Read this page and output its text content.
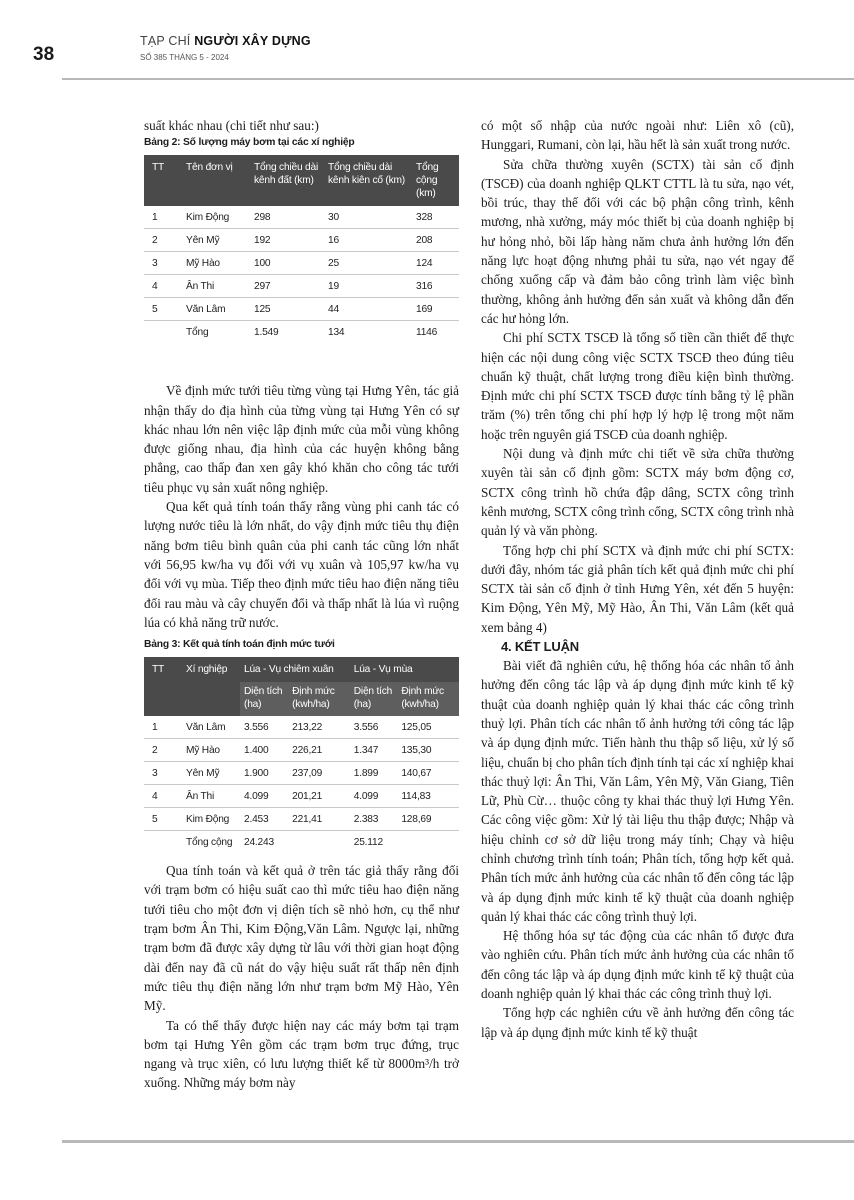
38
TẠP CHÍ NGƯỜI XÂY DỰNG
SỐ 385 THÁNG 5 - 2024

suất khác nhau (chi tiết như sau:)

Bảng 2: Số lượng máy bơm tại các xí nghiệp
TT	Tên đơn vị	Tổng chiều dài kênh đất (km)	Tổng chiều dài kênh kiên cố (km)	Tổng cộng (km)
1	Kim Động	298	30	328
2	Yên Mỹ	192	16	208
3	Mỹ Hào	100	25	124
4	Ân Thi	297	19	316
5	Văn Lâm	125	44	169
	Tổng	1.549	134	1146

Về định mức tưới tiêu từng vùng tại Hưng Yên, tác giả nhận thấy do địa hình của từng vùng tại Hưng Yên có sự khác nhau lớn nên việc lập định mức của mỗi vùng không được giống nhau, địa hình của các huyện không bằng phẳng, cao thấp đan xen gây khó khăn cho công tác tưới tiêu phục vụ sản xuất nông nghiệp.

Qua kết quả tính toán thấy rằng vùng phi canh tác có lượng nước tiêu là lớn nhất, do vậy định mức tiêu thụ điện năng bơm tiêu bình quân của phi canh tác cũng lớn nhất với 56,95 kw/ha vụ đối với vụ xuân và 105,97 kw/ha vụ đối với vụ mùa. Tiếp theo định mức tiêu hao điện năng tiêu đối rau màu và cây chuyển đổi và thấp nhất là lúa vì ruộng lúa có khả năng trữ nước.

Bảng 3: Kết quả tính toán định mức tưới
TT	Xí nghiệp	Lúa - Vụ chiêm xuân		Lúa - Vụ mùa	
		Diện tích (ha)	Định mức (kwh/ha)	Diện tích (ha)	Định mức (kwh/ha)
1	Văn Lâm	3.556	213,22	3.556	125,05
2	Mỹ Hào	1.400	226,21	1.347	135,30
3	Yên Mỹ	1.900	237,09	1.899	140,67
4	Ân Thi	4.099	201,21	4.099	114,83
5	Kim Động	2.453	221,41	2.383	128,69
	Tổng cộng	24.243		25.112	

Qua tính toán và kết quả ở trên tác giả thấy rằng đối với trạm bơm có hiệu suất cao thì mức tiêu hao điện năng tưới tiêu cho một đơn vị diện tích sẽ nhỏ hơn, cụ thể như trạm bơm Ân Thi, Kim Động,Văn Lâm. Ngược lại, những trạm bơm đã được xây dựng từ lâu với thời gian hoạt động dài đến nay đã cũ nát do vậy hiệu suất rất thấp nên định mức tiêu thụ điện năng lớn như trạm bơm Mỹ Hào, Yên Mỹ.

Ta có thể thấy được hiện nay các máy bơm tại trạm bơm tại Hưng Yên gồm các trạm bơm trục đứng, trục ngang và trục xiên, có lưu lượng thiết kế từ 8000m³/h trở xuống. Những máy bơm này

có một số nhập của nước ngoài như: Liên xô (cũ), Hunggari, Rumani, còn lại, hầu hết là sản xuất trong nước.

Sửa chữa thường xuyên (SCTX) tài sản cố định (TSCĐ) của doanh nghiệp QLKT CTTL là tu sửa, nạo vét, bồi trúc, thay thế đối với các bộ phận công trình, kênh mương, nhà xưởng, máy móc thiết bị của doanh nghiệp bị hư hỏng nhỏ, bồi lấp hàng năm chưa ảnh hưởng lớn đến năng lực hoạt động nhưng phải tu sửa, nạo vét ngay để chống xuống cấp và đảm bảo công trình làm việc bình thường, không ảnh hưởng đến sản xuất và không dẫn đến các hư hỏng lớn.

Chi phí SCTX TSCĐ là tổng số tiền cần thiết để thực hiện các nội dung công việc SCTX TSCĐ theo đúng tiêu chuẩn kỹ thuật, chất lượng trong điều kiện bình thường. Định mức chi phí SCTX TSCĐ được tính bằng tỷ lệ phần trăm (%) trên tổng chi phí hợp lý hợp lệ trong một năm hoặc trên nguyên giá TSCĐ của doanh nghiệp.

Nội dung và định mức chi tiết về sửa chữa thường xuyên tài sản cố định gồm: SCTX máy bơm động cơ, SCTX công trình hồ chứa đập dâng, SCTX công trình kênh mương, SCTX công trình cống, SCTX công trình nhà quản lý và văn phòng.

Tổng hợp chi phí SCTX và định mức chi phí SCTX: dưới đây, nhóm tác giả phân tích kết quả định mức chi phí SCTX tài sản cố định ở tỉnh Hưng Yên, xét đến 5 huyện: Kim Động, Yên Mỹ, Mỹ Hào, Ân Thi, Văn Lâm (kết quả xem bảng 4)

4. KẾT LUẬN

Bài viết đã nghiên cứu, hệ thống hóa các nhân tố ảnh hưởng đến công tác lập và áp dụng định mức kinh tế kỹ thuật của doanh nghiệp quản lý khai thác các công trình thuỷ lợi. Phân tích các nhân tố ảnh hưởng tới công tác lập và áp dụng định mức. Tiến hành thu thập số liệu, xử lý số liệu, chuẩn bị cho phân tích định tính tại các xí nghiệp khai thác thuỷ lợi: Ân Thi, Văn Lâm, Yên Mỹ, Văn Giang, Tiên Lữ, Phù Cừ… thuộc công ty khai thác thuỷ lợi Hưng Yên. Các công việc gồm: Xử lý tài liệu thu thập được; Nhập và hiệu chỉnh cơ sở dữ liệu trong máy tính; Chạy và hiệu chỉnh chương trình tính toán; Phân tích, tổng hợp kết quả. Phân tích mức ảnh hưởng của các nhân tố đến công tác lập và áp dụng định mức kinh tế kỹ thuật của doanh nghiệp quản lý khai thác các công trình thuỷ lợi.

Hệ thống hóa sự tác động của các nhân tố được đưa vào nghiên cứu. Phân tích mức ảnh hưởng của các nhân tố đến công tác lập và áp dụng định mức kinh tế kỹ thuật của doanh nghiệp quản lý khai thác các công trình thuỷ lợi.

Tổng hợp các nghiên cứu về ảnh hưởng đến công tác lập và áp dụng định mức kinh tế kỹ thuật
